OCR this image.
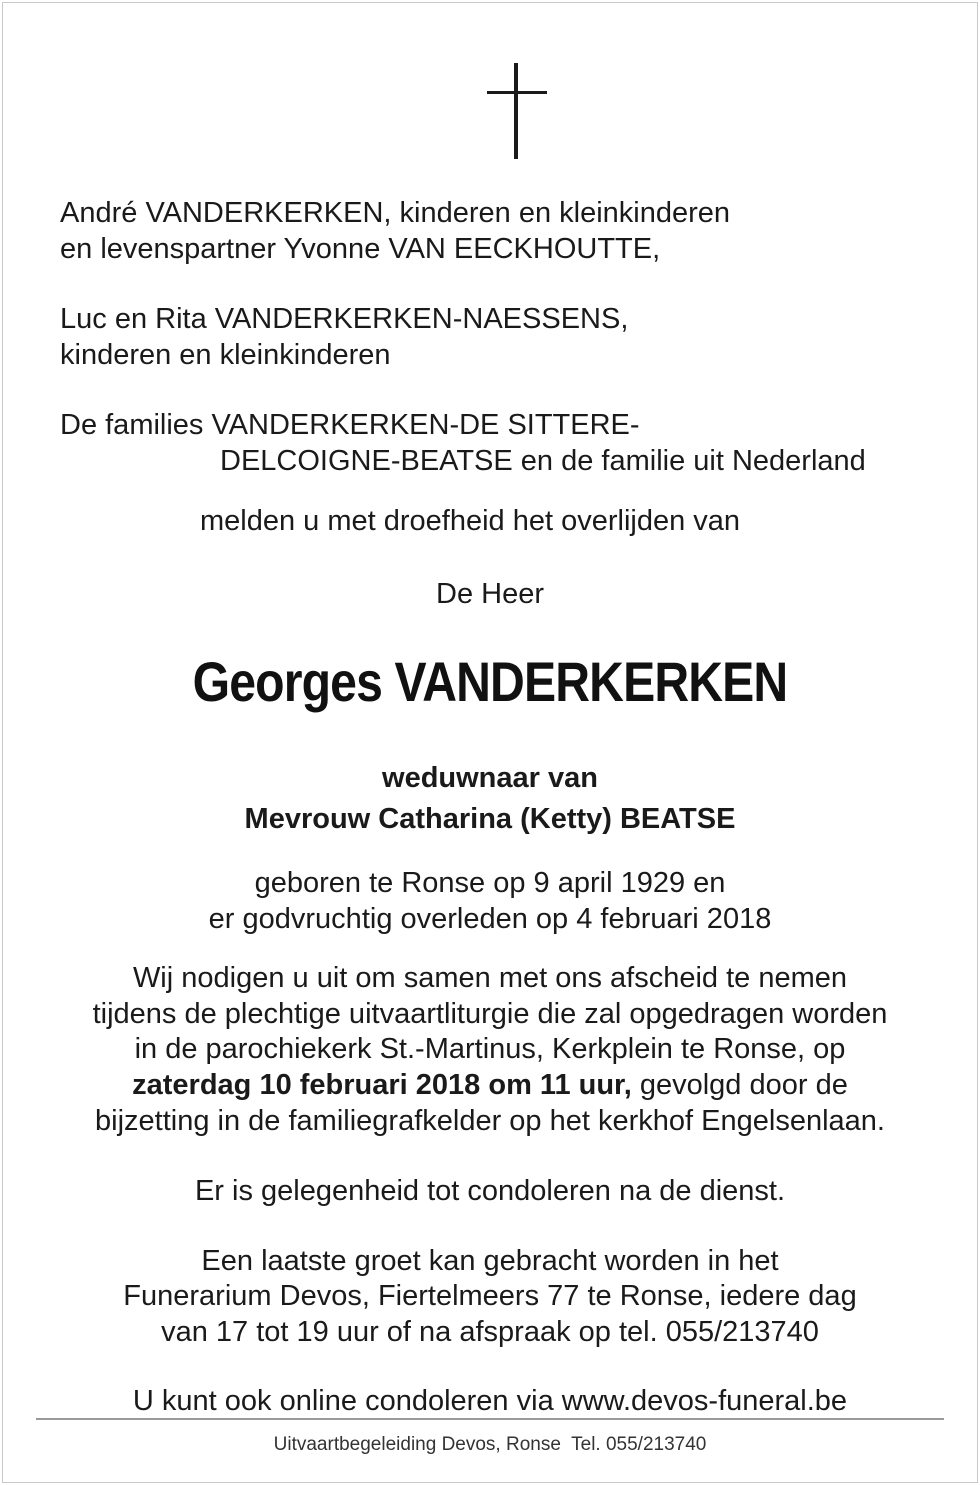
André VANDERKERKEN, kinderen en kleinkinderen
en levenspartner Yvonne VAN EECKHOUTTE,
Luc en Rita VANDERKERKEN-NAESSENS,
kinderen en kleinkinderen
De families VANDERKERKEN-DE SITTERE-
DELCOIGNE-BEATSE en de familie uit Nederland
melden u met droefheid het overlijden van
De Heer
Georges VANDERKERKEN
weduwnaar van
Mevrouw Catharina (Ketty) BEATSE
geboren te Ronse op 9 april 1929 en
er godvruchtig overleden op 4 februari 2018
Wij nodigen u uit om samen met ons afscheid te nemen
tijdens de plechtige uitvaartliturgie die zal opgedragen worden
in de parochiekerk St.-Martinus, Kerkplein te Ronse, op
zaterdag 10 februari 2018 om 11 uur, gevolgd door de
bijzetting in de familiegrafkelder op het kerkhof Engelsenlaan.
Er is gelegenheid tot condoleren na de dienst.
Een laatste groet kan gebracht worden in het
Funerarium Devos, Fiertelmeers 77 te Ronse, iedere dag
van 17 tot 19 uur of na afspraak op tel. 055/213740
U kunt ook online condoleren via www.devos-funeral.be
Uitvaartbegeleiding Devos, Ronse  Tel. 055/213740
